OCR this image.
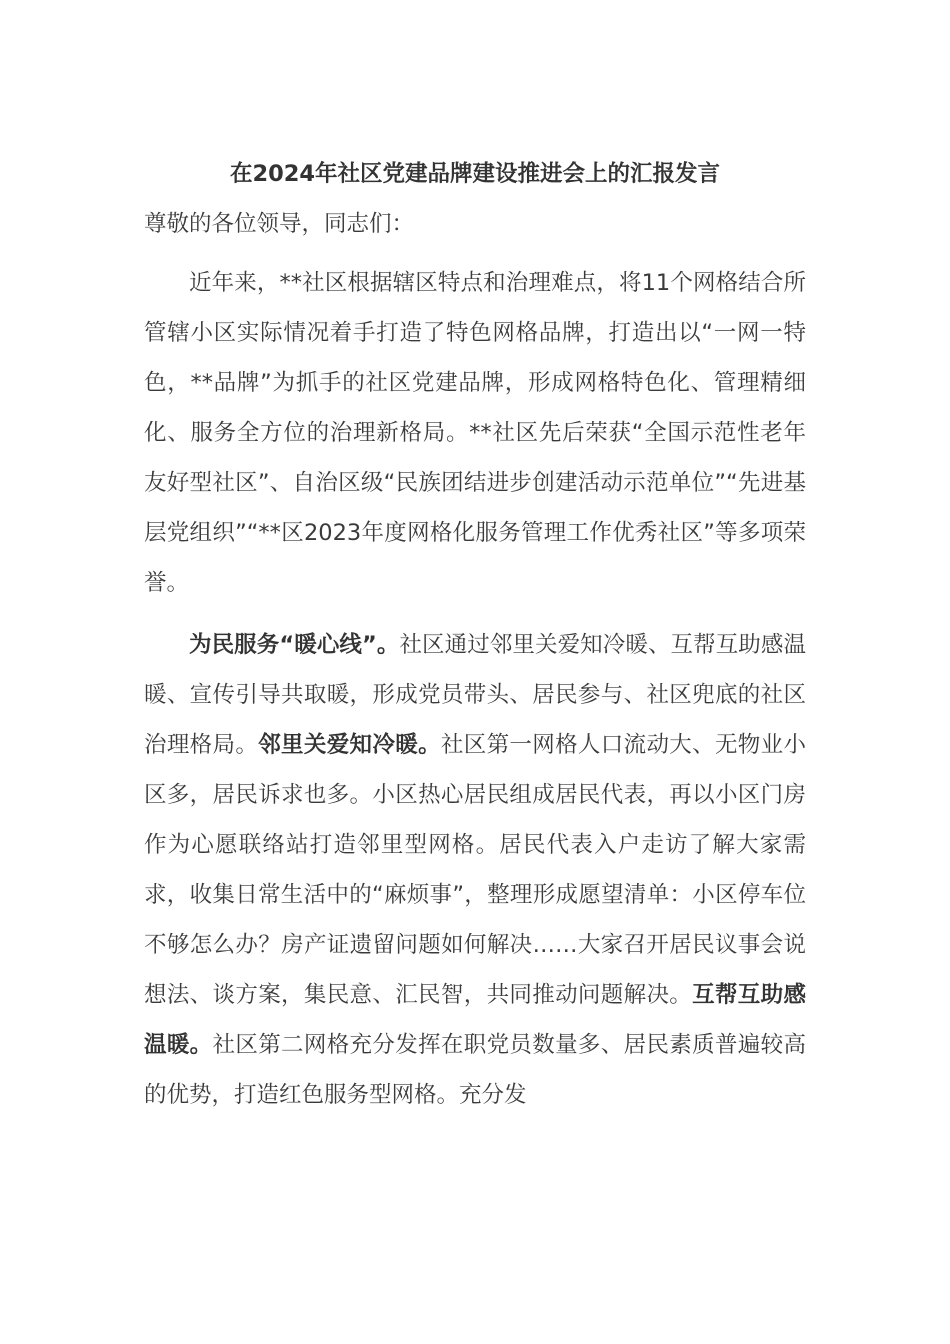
在2024年社区党建品牌建设推进会上的汇报发言
尊敬的各位领导，同志们：

近年来，**社区根据辖区特点和治理难点，将11个网格结合所管辖小区实际情况着手打造了特色网格品牌，打造出以“一网一特色，**品牌”为抓手的社区党建品牌，形成网格特色化、管理精细化、服务全方位的治理新格局。**社区先后荣获“全国示范性老年友好型社区”、自治区级“民族团结进步创建活动示范单位”“先进基层党组织”“**区2023年度网格化服务管理工作优秀社区”等多项荣誉。

为民服务“暖心线”。社区通过邻里关爱知冷暖、互帮互助感温暖、宣传引导共取暖，形成党员带头、居民参与、社区兜底的社区治理格局。邻里关爱知冷暖。社区第一网格人口流动大、无物业小区多，居民诉求也多。小区热心居民组成居民代表，再以小区门房作为心愿联络站打造邻里型网格。居民代表入户走访了解大家需求，收集日常生活中的“麻烦事”，整理形成愿望清单：小区停车位不够怎么办？房产证遗留问题如何解决……大家召开居民议事会说想法、谈方案，集民意、汇民智，共同推动问题解决。互帮互助感温暖。社区第二网格充分发挥在职党员数量多、居民素质普遍较高的优势，打造红色服务型网格。充分发
